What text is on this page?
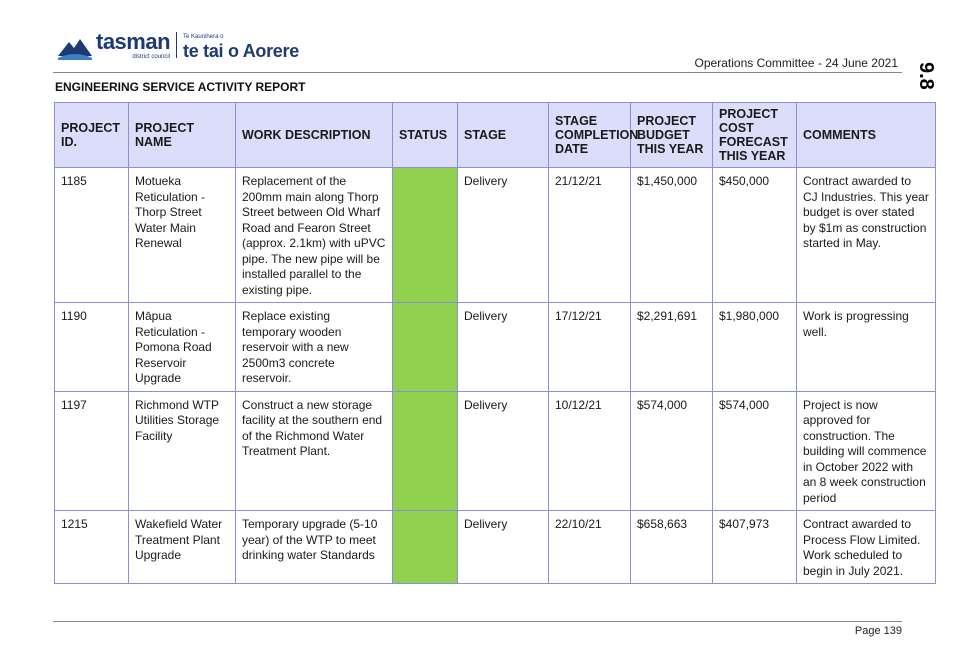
tasman
district council
Te Kaunihera o
te tai o Aorere
Operations Committee - 24 June 2021 9.8
ENGINEERING SERVICE ACTIVITY REPORT
PROJECT ID.	PROJECT NAME	WORK DESCRIPTION	STATUS	STAGE	STAGE COMPLETION DATE	PROJECT BUDGET THIS YEAR	PROJECT COST FORECAST THIS YEAR	COMMENTS
1185	Motueka Reticulation - Thorp Street Water Main Renewal	Replacement of the 200mm main along Thorp Street between Old Wharf Road and Fearon Street (approx. 2.1km) with uPVC pipe. The new pipe will be installed parallel to the existing pipe.		Delivery	21/12/21	$1,450,000	$450,000	Contract awarded to CJ Industries. This year budget is over stated by $1m as construction started in May.
1190	Māpua Reticulation - Pomona Road Reservoir Upgrade	Replace existing temporary wooden reservoir with a new 2500m3 concrete reservoir.		Delivery	17/12/21	$2,291,691	$1,980,000	Work is progressing well.
1197	Richmond WTP Utilities Storage Facility	Construct a new storage facility at the southern end of the Richmond Water Treatment Plant.		Delivery	10/12/21	$574,000	$574,000	Project is now approved for construction. The building will commence in October 2022 with an 8 week construction period
1215	Wakefield Water Treatment Plant Upgrade	Temporary upgrade (5-10 year) of the WTP to meet drinking water Standards		Delivery	22/10/21	$658,663	$407,973	Contract awarded to Process Flow Limited. Work scheduled to begin in July 2021.
Page 139
